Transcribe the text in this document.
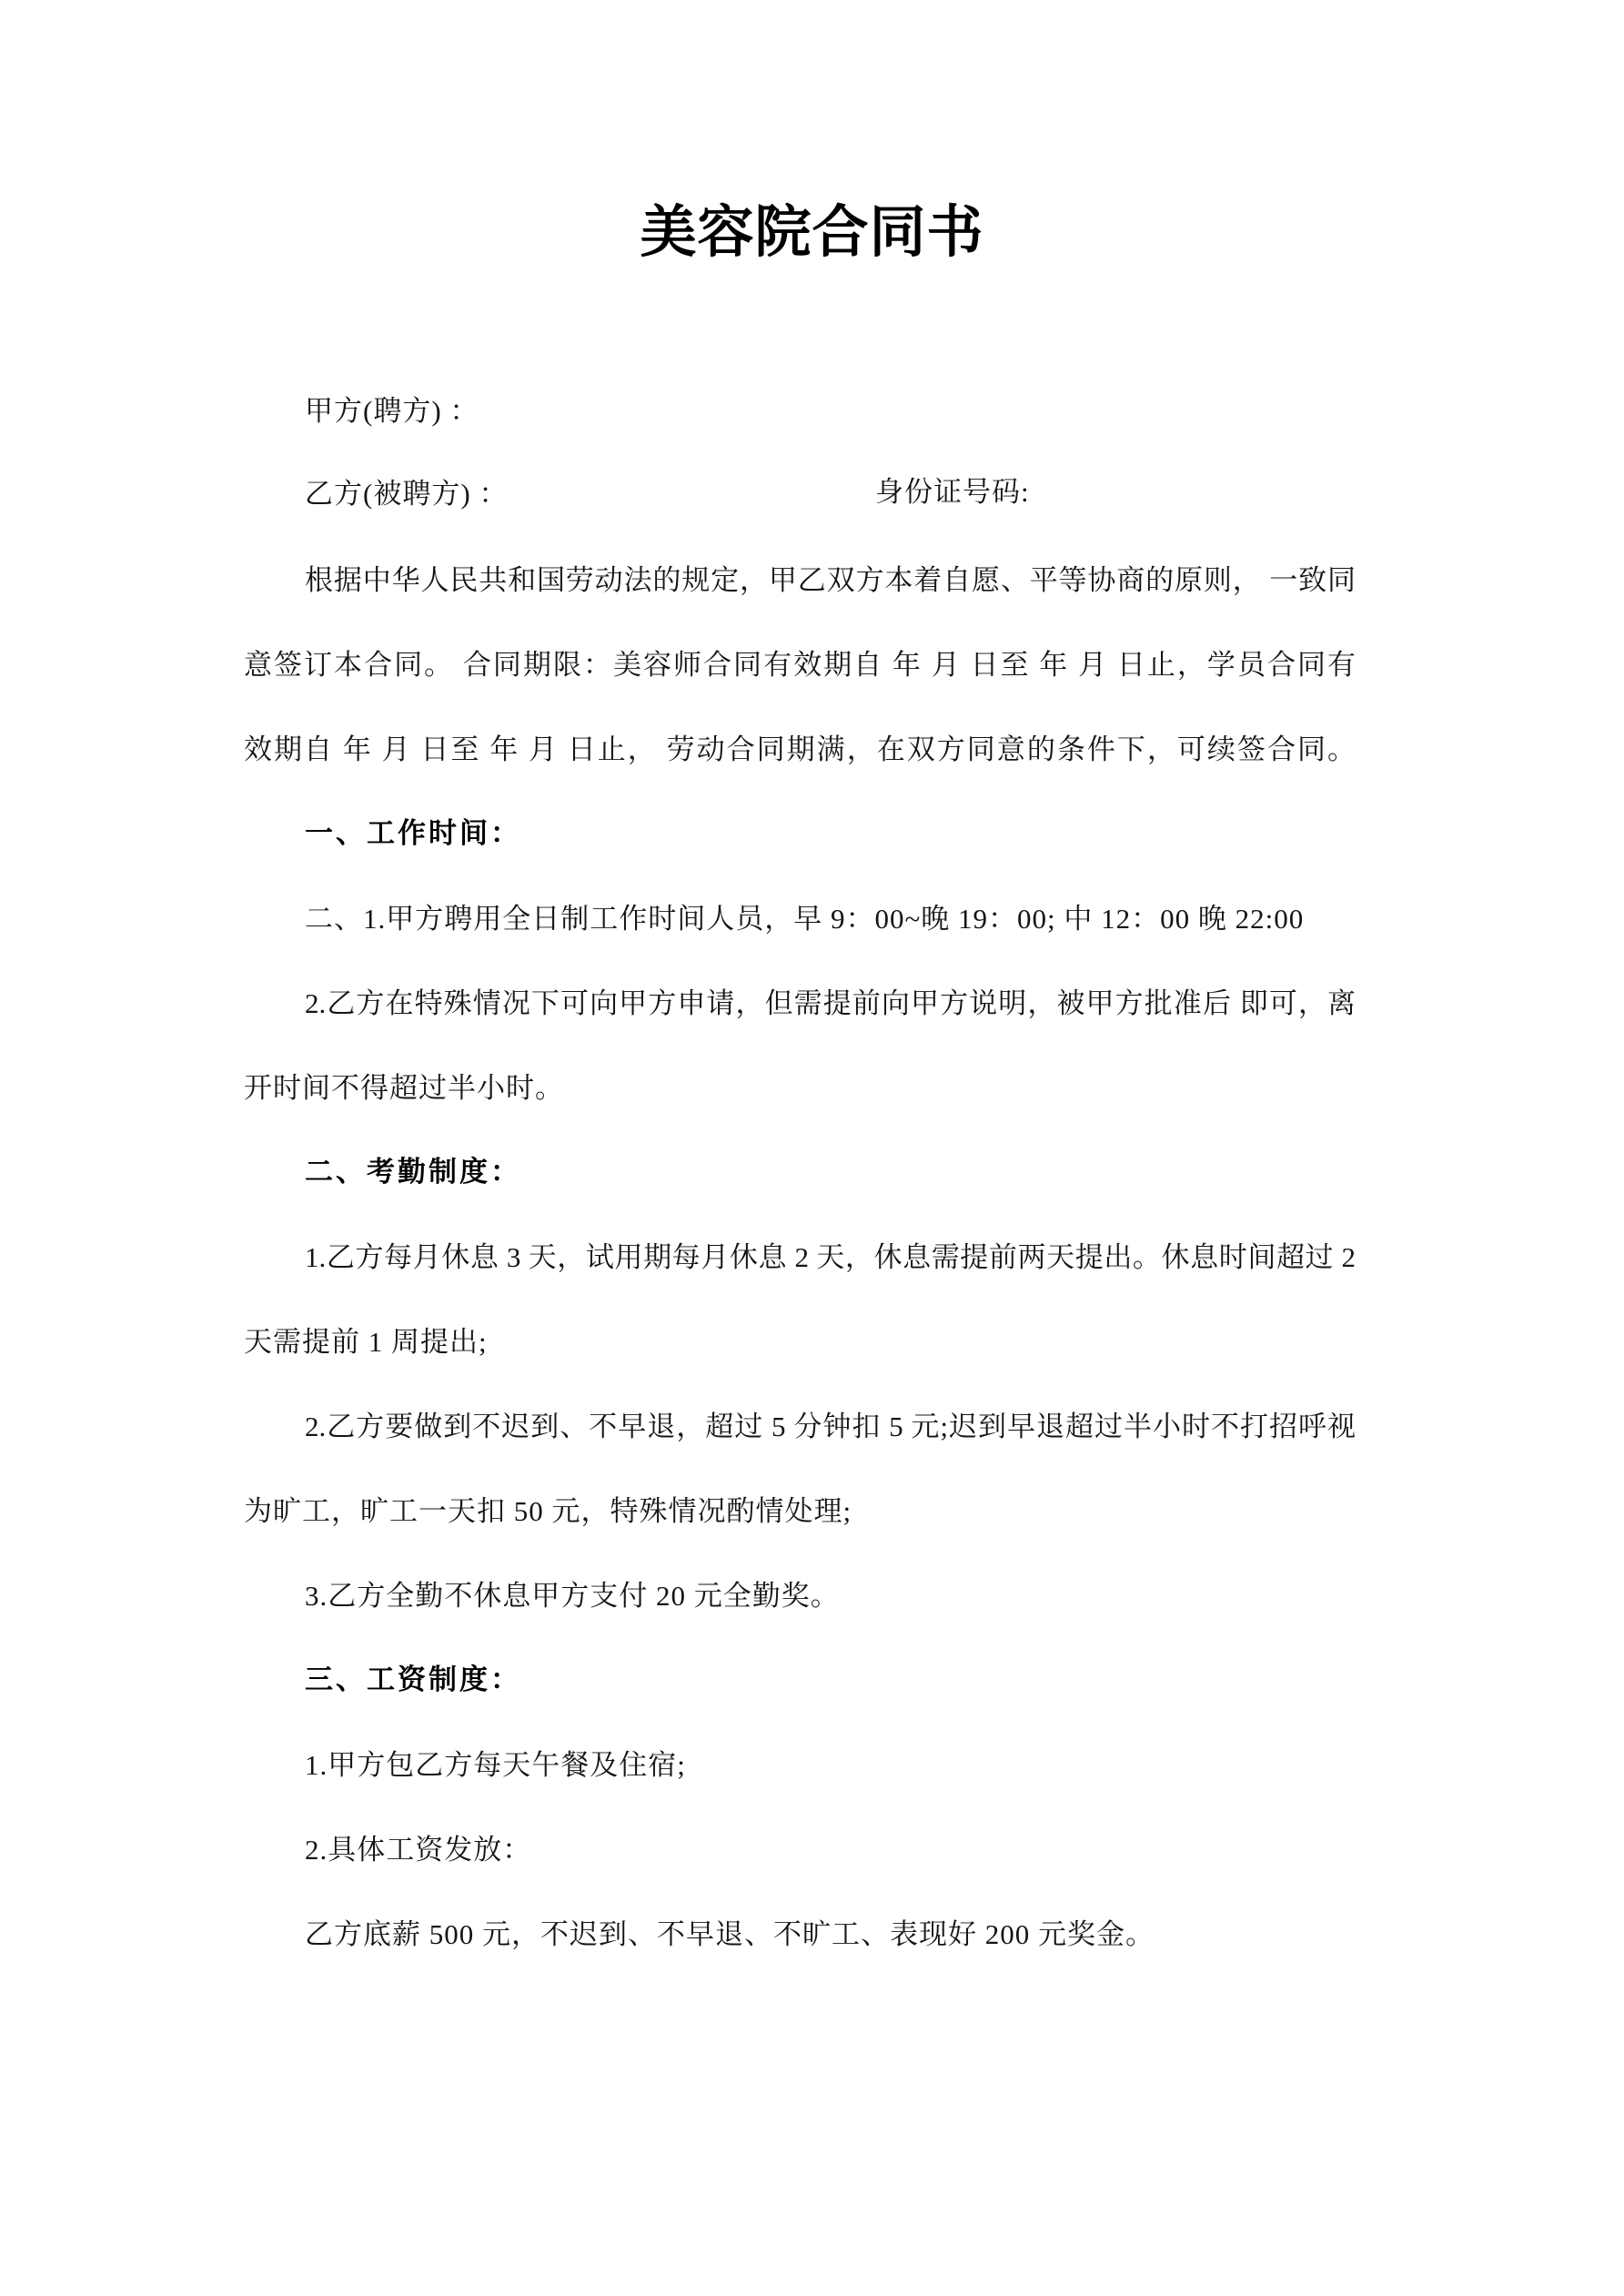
美容院合同书
甲方(聘方) ：
乙方(被聘方) ：	身份证号码:
根据中华人民共和国劳动法的规定，甲乙双方本着自愿、平等协商的原则， 一致同
意签订本合同。 合同期限：美容师合同有效期自 年 月 日至 年 月 日止，学员合同有
效期自 年 月 日至 年 月 日止， 劳动合同期满，在双方同意的条件下，可续签合同。
一、工作时间：
二、1.甲方聘用全日制工作时间人员，早 9：00~晚 19：00; 中 12：00 晚 22:00
2.乙方在特殊情况下可向甲方申请，但需提前向甲方说明，被甲方批准后 即可，离
开时间不得超过半小时。
二、考勤制度：
1.乙方每月休息 3 天，试用期每月休息 2 天，休息需提前两天提出。休息时间超过 2
天需提前 1 周提出;
2.乙方要做到不迟到、不早退，超过 5 分钟扣 5 元;迟到早退超过半小时不打招呼视
为旷工，旷工一天扣 50 元，特殊情况酌情处理;
3.乙方全勤不休息甲方支付 20 元全勤奖。
三、工资制度：
1.甲方包乙方每天午餐及住宿;
2.具体工资发放：
乙方底薪 500 元，不迟到、不早退、不旷工、表现好 200 元奖金。
